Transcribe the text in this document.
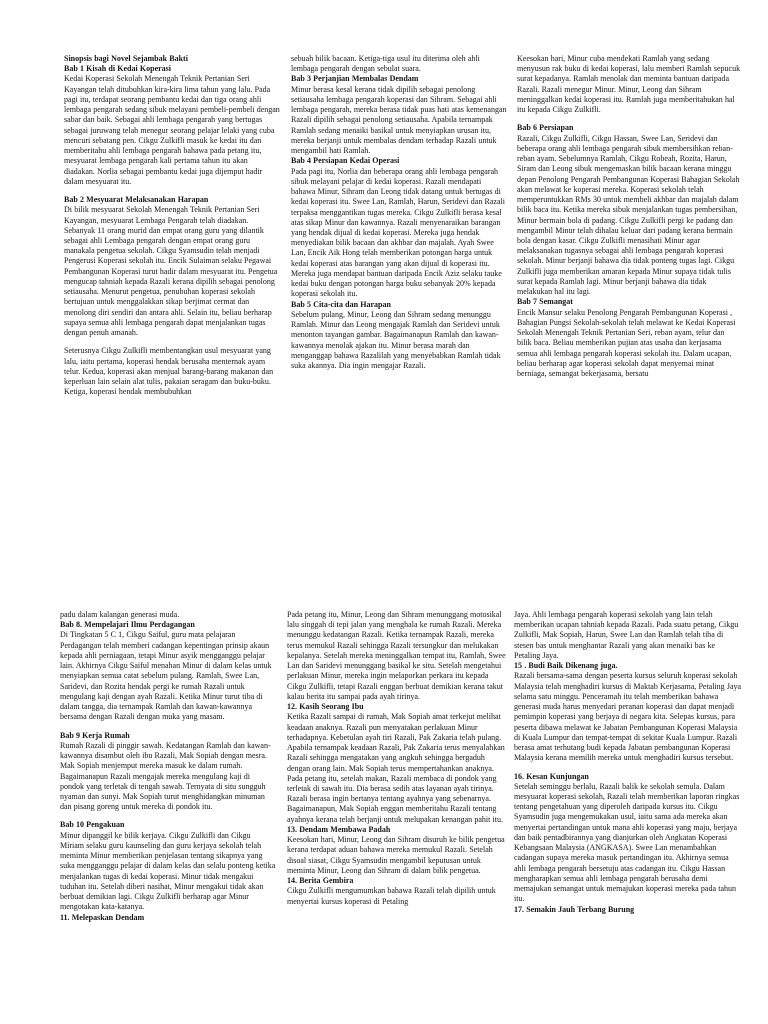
Sinopsis bagi Novel Sejambak Bakti

Bab 1 Kisah di Kedai Koperasi

Kedai Koperasi Sekolah Menengah Teknik Pertanian Seri Kayangan telah ditubuhkan kira-kira lima tahun yang lalu. Pada pagi itu, terdapat seorang pembantu kedai dan tiga orang ahli lembaga pengarah sedang sibuk melayani pembeli-pembeli dengan sabar dan baik. Sebagai ahli lembaga pengarah yang bertugas sebagai juruwang telah menegur seorang pelajar lelaki yang cuba mencuri sebatang pen. Cikgu Zulkifli masuk ke kedai itu dan memberitahu ahli lembaga pengarah bahawa pada petang itu, mesyuarat lembaga pengarah kali pertama tahun itu akan diadakan. Norlia sebagai pembantu kedai juga dijemput hadir dalam mesyuarat itu.

Bab 2 Mesyuarat Melaksanakan Harapan

Di bilik mesyuarat Sekolah Menengah Teknik Pertanian Seri Kayangan, mesyuarat Lembaga Pengarah telah diadakan. Sebanyak 11 orang murid dan empat orang guru yang dilantik sebagai ahli Lembaga pengarah dengan empat orang guru manakala pengetua sekolah. Cikgu Syamsudin telah menjadi Pengerusi Koperasi sekolah itu. Encik Sulaiman selaku Pegawai Pembangunan Koperasi turut hadir dalam mesyuarat itu. Pengetua mengucap tahniah kepada Razali kerana dipilih sebagai penolong setiausaha. Menurut pengetua, penubuhan koperasi sekolah bertujuan untuk menggalakkan sikap berjimat cermat dan menolong diri sendiri dan antara ahli. Selain itu, beliau berharap supaya semua ahli lembaga pengarah dapat menjalankan tugas dengan penuh amanah.

Seterusnya Cikgu Zulkifli membentangkan usul mesyuarat yang lalu, iaitu pertama, koperasi hendak berusaha menternak ayam telur. Kedua, koperasi akan menjual barang-barang makanan dan keperluan lain selain alat tulis, pakaian seragam dan buku-buku. Ketiga, koperasi hendak membubuhkan

sebuah bilik bacaan. Ketiga-tiga usul itu diterima oleh ahli lembaga pengarah dengan sebulat suara.

Bab 3 Perjanjian Membalas Dendam

Minur berasa kesal kerana tidak dipilih sebagai penolong setiausaha lembaga pengarah koperasi dan Sihram. Sebagai ahli lembaga pengarah, mereka berasa tidak puas hati atas kemenangan Razali dipilih sebagai penolong setiausaha. Apabila ternampak Ramlah sedang menaiki basikal untuk menyiapkan urusan itu, mereka berjanji untuk membalas dendam terhadap Razali untuk mengambil hati Ramlah.

Bab 4 Persiapan Kedai Operasi

Pada pagi itu, Norlia dan beberapa orang ahli lembaga pengarah sibuk melayani pelajar di kedai koperasi. Razali mendapati bahawa Minur, Sihram dan Leong tidak datang untuk bertugas di kedai koperasi itu. Swee Lan, Ramlah, Harun, Seridevi dan Razali terpaksa menggantikan tugas mereka. Cikgu Zulkifli berasa kesal atas sikap Minur dan kawannya. Razali menyenaraikan barangan yang hendak dijual di kedai koperasi. Mereka juga hendak menyediakan bilik bacaan dan akhbar dan majalah. Ayah Swee Lan, Encik Aik Hong telah memberikan potongan harga untuk kedai koperasi atas barangan yang akan dijual di koperasi itu. Mereka juga mendapat bantuan daripada Encik Aziz selaku tauke kedai buku dengan potongan harga buku sebanyak 20% kepada koperasi sekolah itu.

Bab 5 Cita-cita dan Harapan

Sebelum pulang, Minur, Leong dan Sihram sedang menunggu Ramlah. Minur dan Leong mengajak Ramlah dan Seridevi untuk menonton tayangan gambar. Bagaimanapun Ramlah dan kawan-kawannya menolak ajakan itu. Minur berasa marah dan menganggap bahawa Razalilah yang menyebabkan Ramlah tidak suka akannya. Dia ingin mengajar Razali.

Keesokan hari, Minur cuba mendekati Ramlah yang sedang menyusun rak buku di kedai koperasi, lalu memberi Ramlah sepucuk surat kepadanya. Ramlah menolak dan meminta bantuan daripada Razali. Razali menegur Minur. Minur, Leong dan Sihram meninggalkan kedai koperasi itu. Ramlah juga memberitahukan hal itu kepada Cikgu Zulkifli.

Bab 6 Persiapan

Razali, Cikgu Zulkifli, Cikgu Hassan, Swee Lan, Seridevi dan beberapa orang ahli lembaga pengarah sibuk membersihkan reban-reban ayam. Sebelumnya Ramlah, Cikgu Robeah, Rozita, Harun, Siram dan Leong sibuk mengemaskan bilik bacaan kerana minggu depan Penolong Pengarah Pembangunan Koperasi Bahagian Sekolah akan melawat ke koperasi mereka. Koperasi sekolah telah memperuntukkan RMs 30 untuk membeli akhbar dan majalah dalam bilik baca itu. Ketika mereka sibuk menjalankan tugas pembersihan, Minur bermain bola di padang. Cikgu Zulkifli pergi ke padang dan mengambil Minur telah dihalau keluar dari padang kerana bermain bola dengan kasar. Cikgu Zulkifli menasihati Minur agar melaksanakan tugasnya sebagai ahli lembaga pengarah koperasi sekolah. Minur berjanji bahawa dia tidak ponteng tugas lagi. Cikgu Zulkifli juga memberikan amaran kepada Minur supaya tidak tulis surat kepada Ramlah lagi. Minur berjanji bahawa dia tidak melakukan hal itu lagi.

Bab 7 Semangat

Encik Mansur selaku Penolong Pengarah Pembangunan Koperasi , Bahagian Pungsi Sekolah-sekolah telah melawat ke Kedai Koperasi Sekolah Menengah Teknik Pertanian Seri, reban ayam, telur dan bilik baca. Beliau memberikan pujian atas usaha dan kerjasama semua ahli lembaga pengarah koperasi sekolah itu. Dalam ucapan, beliau berharap agar koperasi sekolah dapat menyemai minat berniaga, semangat bekerjasama, bersatu

padu dalam kalangan generasi muda.

Bab 8. Mempelajari Ilmu Perdagangan

Di Tingkatan 5 C 1, Cikgu Saiful, guru mata pelajaran Perdagangan telah memberi cadangan kepentingan prinsip akaun kepada ahli perniagaan, tetapi Minur asyik mengganggu pelajar lain. Akhirnya Cikgu Saiful menahan Minur di dalam kelas untuk menyiapkan semua catat sebelum pulang. Ramlah, Swee Lan, Saridevi, dan Rozita hendak pergi ke rumah Razali untuk mengulang kaji dengan ayah Razali. Ketika Minur turut tiba di dalam tangga, dia ternampak Ramlah dan kawan-kawannya bersama dengan Razali dengan muka yang masam.

Bab 9 Kerja Rumah

Rumah Razali di pinggir sawah. Kedatangan Ramlah dan kawan-kawannya disambut oleh ibu Razali, Mak Sopiah dengan mesra. Mak Sopiah menjemput mereka masuk ke dalam rumah. Bagaimanapun Razali mengajak mereka mengulang kaji di pondok yang terletak di tengah sawah. Ternyata di situ sungguh nyaman dan sunyi. Mak Sopiah turut menghidangkan minuman dan pisang goreng untuk mereka di pondok itu.

Bab 10 Pengakuan

Minur dipanggil ke bilik kerjaya. Cikgu Zulkifli dan Cikgu Miriam selaku guru kaunseling dan guru kerjaya sekolah telah meminta Minur memberikan penjelasan tentang sikapnya yang suka mengganggu pelajar di dalam kelas dan selalu ponteng ketika menjalankan tugas di kedai koperasi. Minur tidak mengakui tuduhan itu. Setelah diberi nasihat, Minur mengakui tidak akan berbuat demikian lagi. Cikgu Zulkifli berharap agar Minur mengotakan kata-katanya.

11. Melepaskan Dendam

Pada petang itu, Minur, Leong dan Sihram menunggang motosikal lalu singgah di tepi jalan yang menghala ke rumah Razali. Mereka menunggu kedatangan Razali. Ketika ternampak Razali, mereka terus memukul Razali sehingga Razali tersungkur dan melukakan kepalanya. Setelah mereka meninggalkan tempat itu, Ramlah, Swee Lan dan Saridevi menunggang basikal ke situ. Setelah mengetahui perlakuan Minur, mereka ingin melaporkan perkara itu kepada Cikgu Zulkifli, tetapi Razali enggan berbuat demikian kerana takut kalau berita itu sampai pada ayah tirinya.

12. Kasih Seorang Ibu

Ketika Razali sampai di rumah, Mak Sopiah amat terkejut melihat keadaan anaknya. Razali pun menyatakan perlakuan Minur terhadapnya. Kebetulan ayah tiri Razali, Pak Zakaria telah pulang. Apabila ternampak keadaan Razali, Pak Zakaria terus menyalahkan Razali sehingga mengatakan yang angkuh sehingga bergaduh dengan orang lain. Mak Sopiah terus mempertahankan anaknya. Pada petang itu, setelah makan, Razali membaca di pondok yang terletak di sawah itu. Dia berasa sedih atas layanan ayah tirinya. Razali berasa ingin bertanya tentang ayahnya yang sebenarnya. Bagaimanapun, Mak Sopiah enggan memberitahu Razali tentang ayahnya kerana telah berjanji untuk melupakan kenangan pahit itu.

13. Dendam Membawa Padah

Keesokan hari, Minur, Leong dan Sihram disuruh ke bilik pengetua kerana terdapat aduan bahawa mereka memukul Razali. Setelah disoal siasat, Cikgu Syamsudin mengambil keputusan untuk meminta Minur, Leong dan Sihram di dalam bilik pengetua.

14. Berita Gembira

Cikgu Zulkifli mengumumkan bahawa Razali telah dipilih untuk menyertai kursus koperasi di Petaling

Jaya. Ahli lembaga pengarah koperasi sekolah yang lain telah memberikan ucapan tahniah kepada Razali. Pada suatu petang, Cikgu Zulkifli, Mak Sopiah, Harun, Swee Lan dan Ramlah telah tiba di stesen bas untuk menghantar Razali yang akan menaiki bas ke Petaling Jaya.

15 . Budi Baik Dikenang juga.

Razali bersama-sama dengan peserta kursus seluruh koperasi sekolah Malaysia telah menghadiri kursus di Maktab Kerjasama, Petaling Jaya selama satu minggu. Penceramah itu telah memberikan bahawa generasi muda harus menyedari peranan koperasi dan dapat menjadi pemimpin koperasi yang berjaya di negara kita. Selepas kursus, para peserta dibawa melawat ke Jabatan Pembangunan Koperasi Malaysia di Kuala Lumpur dan tempat-tempat di sekitar Kuala Lumpur. Razali berasa amat terhutang budi kepada Jabatan pembangunan Koperasi Malaysia kerana memilih mereka untuk menghadiri kursus tersebut.

16. Kesan Kunjungan

Setelah seminggu berlalu, Razali balik ke sekolah semula. Dalam mesyuarat koperasi sekolah, Razali telah memberikan laporan ringkas tentang pengetahuan yang diperoleh daripada kursus itu. Cikgu Syamsudin juga mengemukakan usul, iaitu sama ada mereka akan menyertai pertandingan untuk mana ahli koperasi yang maju, berjaya dan baik pentadbirannya yang dianjurkan oleh Angkatan Koperasi Kebangsaan Malaysia (ANGKASA). Swee Lan menambahkan cadangan supaya mereka masuk pertandingan itu. Akhirnya semua ahli lembaga pengarah bersetuju atas cadangan itu. Cikgu Hassan mengharapkan semua ahli lembaga pengarah berusaha demi memajukan semangat untuk memajukan koperasi mereka pada tahun itu.

17. Semakin Jauh Terbang Burung
